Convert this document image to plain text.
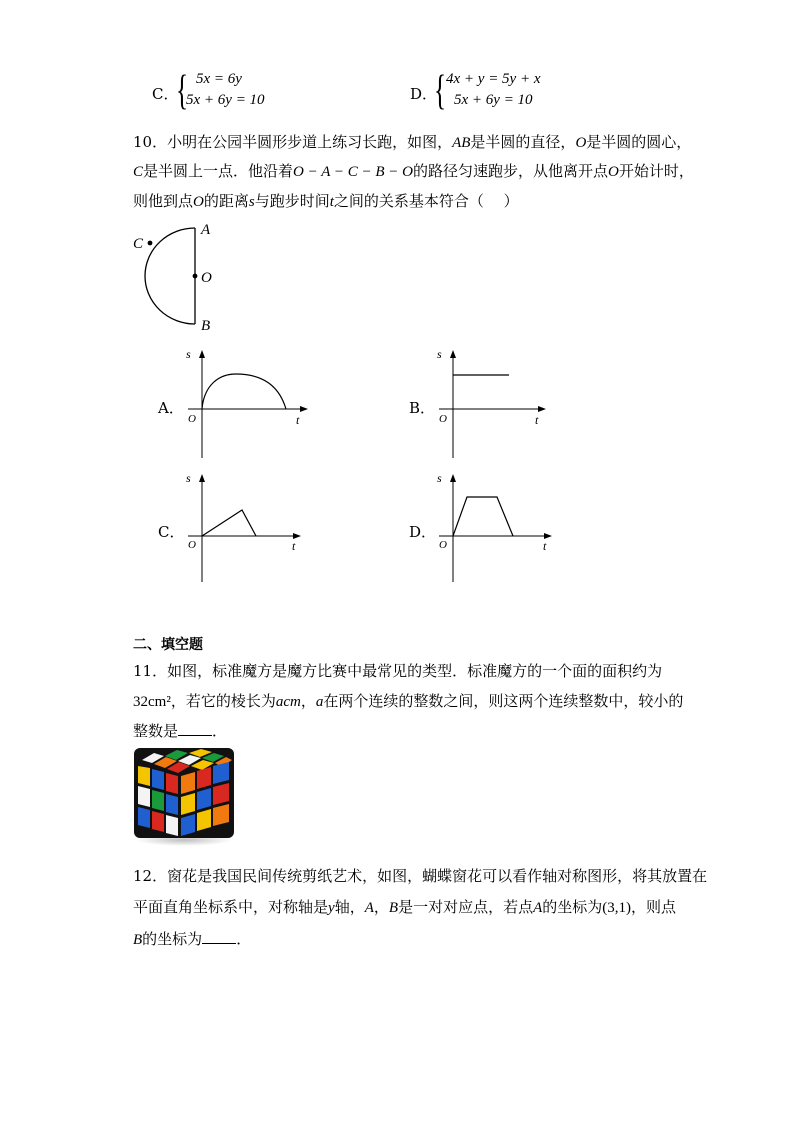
C．
{ 5x = 6y
5x + 6y = 10	D．
{ 4x + y = 5y + x
5x + 6y = 10
10．小明在公园半圆形步道上练习长跑，如图，AB是半圆的直径，O是半圆的圆心，
C是半圆上一点．他沿着O − A − C − B − O的路径匀速跑步，从他离开点O开始计时，
则他到点O的距离s与跑步时间t之间的关系基本符合（　 ）
A
C
O
B
A．
s
t
O
B．
s
t
O
C．
s
t
O
D．
s
t
O
二、填空题
11．如图，标准魔方是魔方比赛中最常见的类型．标准魔方的一个面的面积约为
32cm²，若它的棱长为acm，a在两个连续的整数之间，则这两个连续整数中，较小的
整数是 ．
12．窗花是我国民间传统剪纸艺术，如图，蝴蝶窗花可以看作轴对称图形，将其放置在
平面直角坐标系中，对称轴是y轴，A，B是一对对应点，若点A的坐标为(3,1)，则点
B的坐标为 ．
